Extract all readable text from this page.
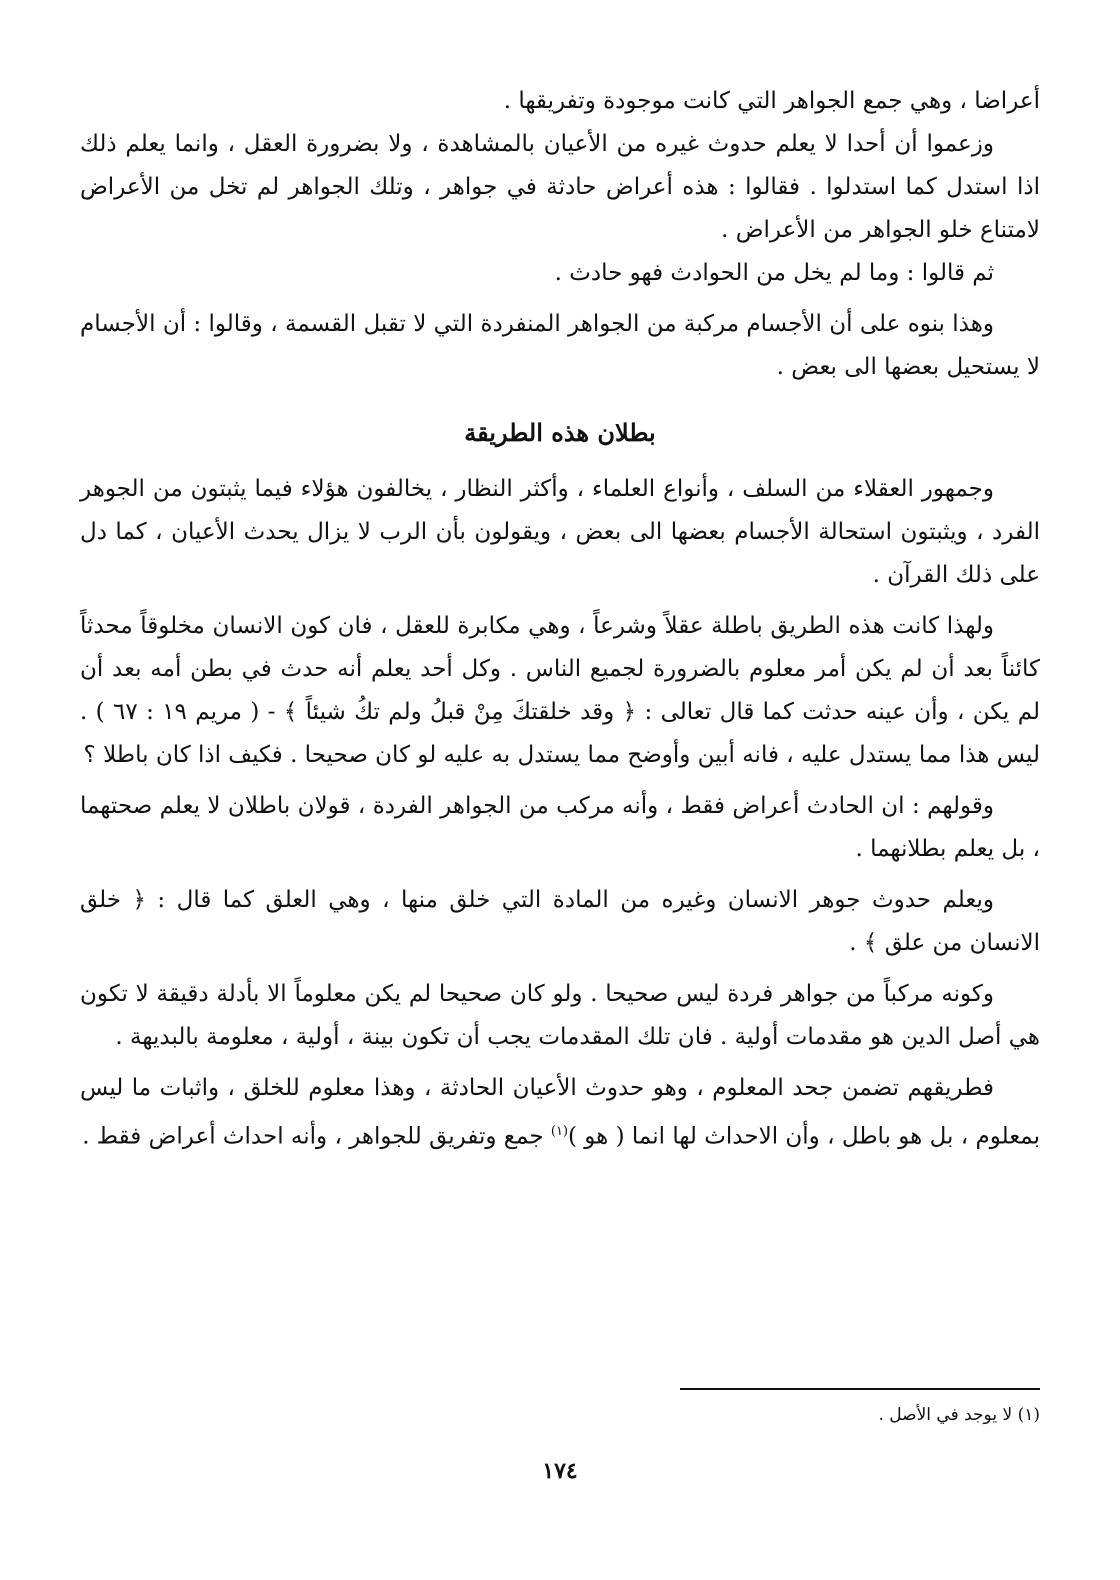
أعراضا ، وهي جمع الجواهر التي كانت موجودة وتفريقها .

وزعموا أن أحدا لا يعلم حدوث غيره من الأعيان بالمشاهدة ، ولا بضرورة العقل ، وانما يعلم ذلك اذا استدل كما استدلوا . فقالوا : هذه أعراض حادثة في جواهر ، وتلك الجواهر لم تخل من الأعراض لامتناع خلو الجواهر من الأعراض .

ثم قالوا : وما لم يخل من الحوادث فهو حادث .

وهذا بنوه على أن الأجسام مركبة من الجواهر المنفردة التي لا تقبل القسمة ، وقالوا : أن الأجسام لا يستحيل بعضها الى بعض .

بطلان هذه الطريقة

وجمهور العقلاء من السلف ، وأنواع العلماء ، وأكثر النظار ، يخالفون هؤلاء فيما يثبتون من الجوهر الفرد ، ويثبتون استحالة الأجسام بعضها الى بعض ، ويقولون بأن الرب لا يزال يحدث الأعيان ، كما دل على ذلك القرآن .

ولهذا كانت هذه الطريق باطلة عقلاً وشرعاً ، وهي مكابرة للعقل ، فان كون الانسان مخلوقاً محدثاً كائناً بعد أن لم يكن أمر معلوم بالضرورة لجميع الناس . وكل أحد يعلم أنه حدث في بطن أمه بعد أن لم يكن ، وأن عينه حدثت كما قال تعالى : ﴿ وقد خلقتكَ مِنْ قبلُ ولم تكُ شيئاً ﴾ - ( مريم ١٩ : ٦٧ ) . ليس هذا مما يستدل عليه ، فانه أبين وأوضح مما يستدل به عليه لو كان صحيحا . فكيف اذا كان باطلا ؟

وقولهم : ان الحادث أعراض فقط ، وأنه مركب من الجواهر الفردة ، قولان باطلان لا يعلم صحتهما ، بل يعلم بطلانهما .

ويعلم حدوث جوهر الانسان وغيره من المادة التي خلق منها ، وهي العلق كما قال : ﴿ خلق الانسان من علق ﴾ .

وكونه مركباً من جواهر فردة ليس صحيحا . ولو كان صحيحا لم يكن معلوماً الا بأدلة دقيقة لا تكون هي أصل الدين هو مقدمات أولية . فان تلك المقدمات يجب أن تكون بينة ، أولية ، معلومة بالبديهة .

فطريقهم تضمن جحد المعلوم ، وهو حدوث الأعيان الحادثة ، وهذا معلوم للخلق ، واثبات ما ليس بمعلوم ، بل هو باطل ، وأن الاحداث لها انما ( هو )$^{(١)}$ جمع وتفريق للجواهر ، وأنه احداث أعراض فقط .

(١) لا يوجد في الأصل .
١٧٤
